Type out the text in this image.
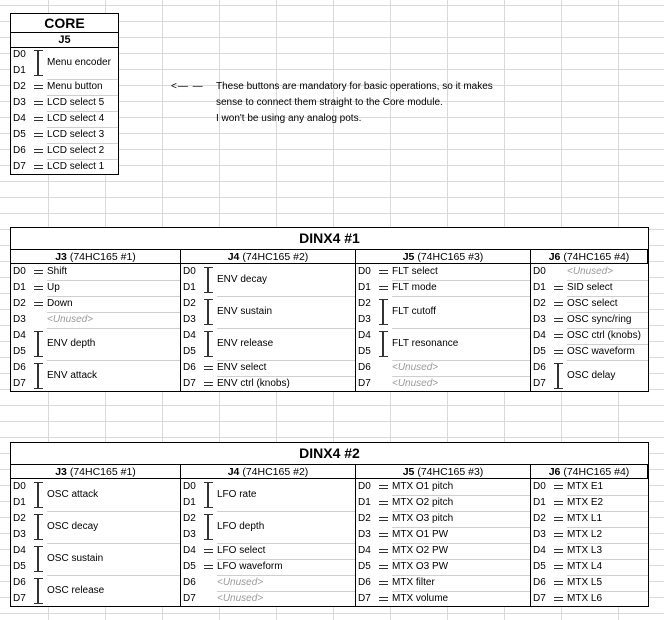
CORE
J5
D0
D1
Menu encoder
D2 Menu button
D3 LCD select 5
D4 LCD select 4
D5 LCD select 3
D6 LCD select 2
D7 LCD select 1
<— — These buttons are mandatory for basic operations, so it makes
sense to connect them straight to the Core module.
I won't be using any analog pots.
DINX4 #1
J3 (74HC165 #1)
D0 Shift
D1 Up
D2 Down
D3 <Unused>
D4
D5
ENV depth
D6
D7
ENV attack
J4 (74HC165 #2)
D0
D1
ENV decay
D2
D3
ENV sustain
D4
D5
ENV release
D6 ENV select
D7 ENV ctrl (knobs)
J5 (74HC165 #3)
D0 FLT select
D1 FLT mode
D2
D3
FLT cutoff
D4
D5
FLT resonance
D6 <Unused>
D7 <Unused>
J6 (74HC165 #4)
D0 <Unused>
D1 SID select
D2 OSC select
D3 OSC sync/ring
D4 OSC ctrl (knobs)
D5 OSC waveform
D6
D7
OSC delay
DINX4 #2
J3 (74HC165 #1)
D0
D1
OSC attack
D2
D3
OSC decay
D4
D5
OSC sustain
D6
D7
OSC release
J4 (74HC165 #2)
D0
D1
LFO rate
D2
D3
LFO depth
D4 LFO select
D5 LFO waveform
D6 <Unused>
D7 <Unused>
J5 (74HC165 #3)
D0 MTX O1 pitch
D1 MTX O2 pitch
D2 MTX O3 pitch
D3 MTX O1 PW
D4 MTX O2 PW
D5 MTX O3 PW
D6 MTX filter
D7 MTX volume
J6 (74HC165 #4)
D0 MTX E1
D1 MTX E2
D2 MTX L1
D3 MTX L2
D4 MTX L3
D5 MTX L4
D6 MTX L5
D7 MTX L6
